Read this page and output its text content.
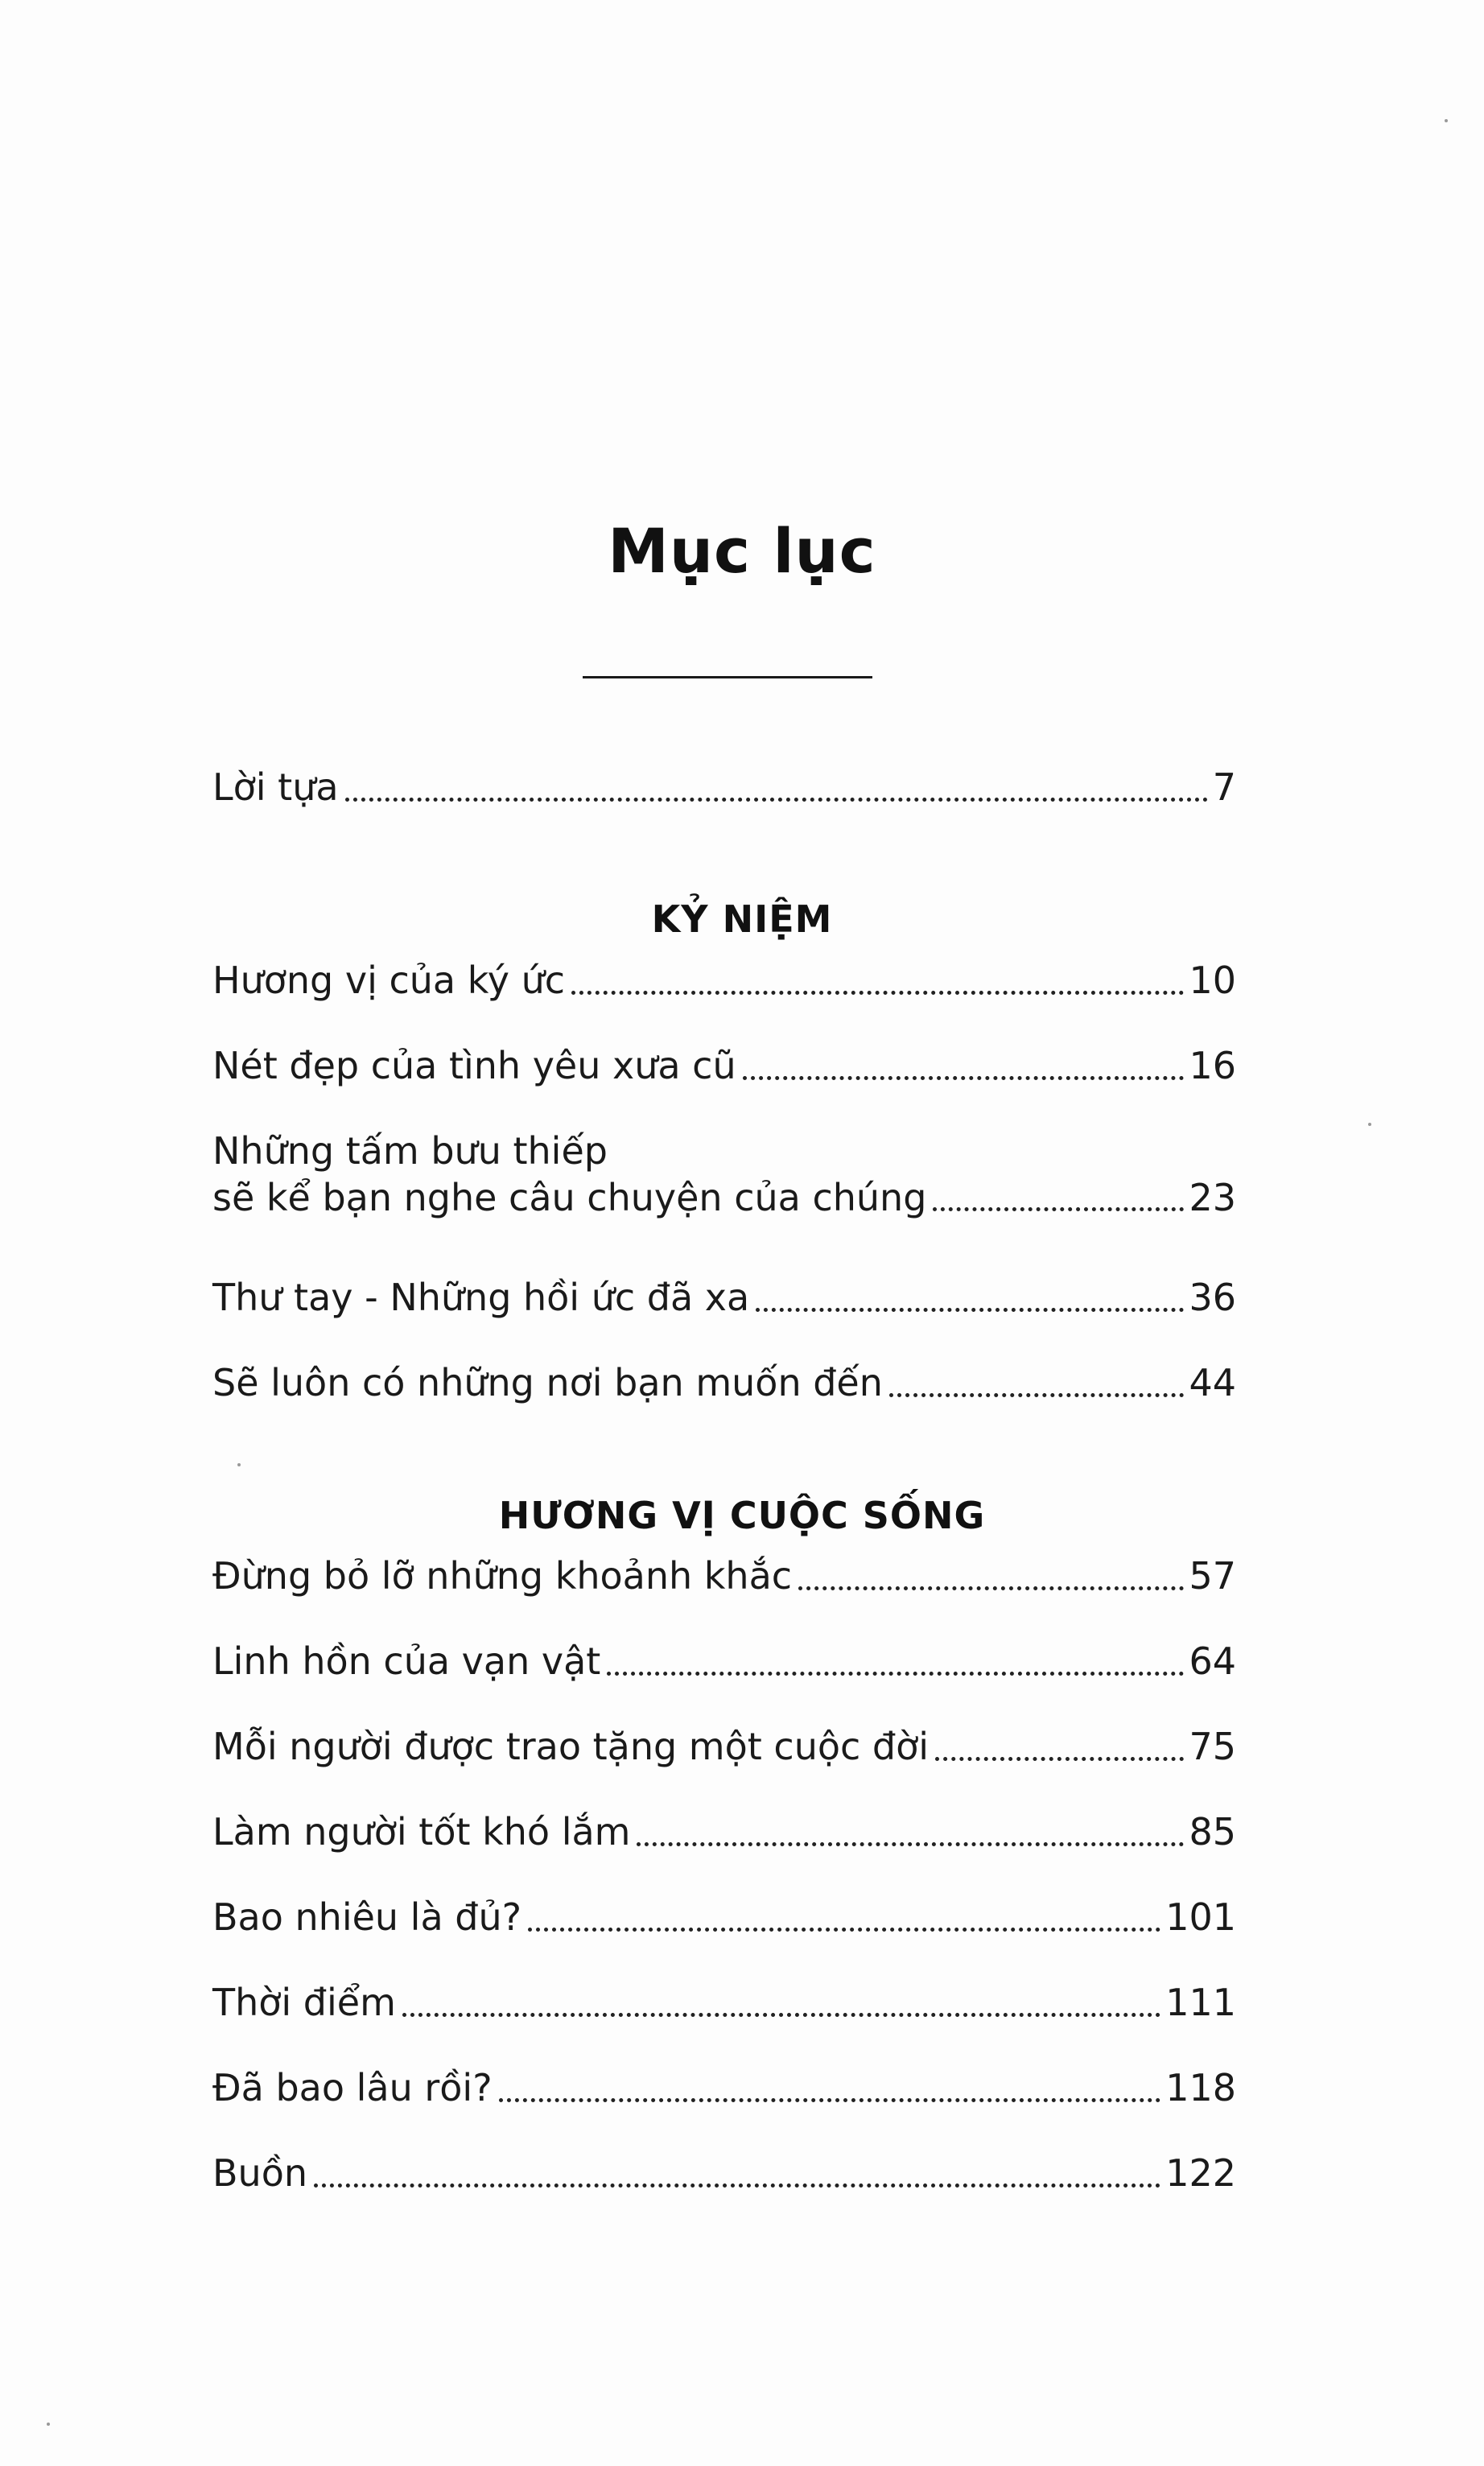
Mục lục
Lời tựa	7
KỶ NIỆM
Hương vị của ký ức	10
Nét đẹp của tình yêu xưa cũ	16
Những tấm bưu thiếp
sẽ kể bạn nghe câu chuyện của chúng	23
Thư tay - Những hồi ức đã xa	36
Sẽ luôn có những nơi bạn muốn đến	44
HƯƠNG VỊ CUỘC SỐNG
Đừng bỏ lỡ những khoảnh khắc	57
Linh hồn của vạn vật	64
Mỗi người được trao tặng một cuộc đời	75
Làm người tốt khó lắm	85
Bao nhiêu là đủ?	101
Thời điểm	111
Đã bao lâu rồi?	118
Buồn	122
